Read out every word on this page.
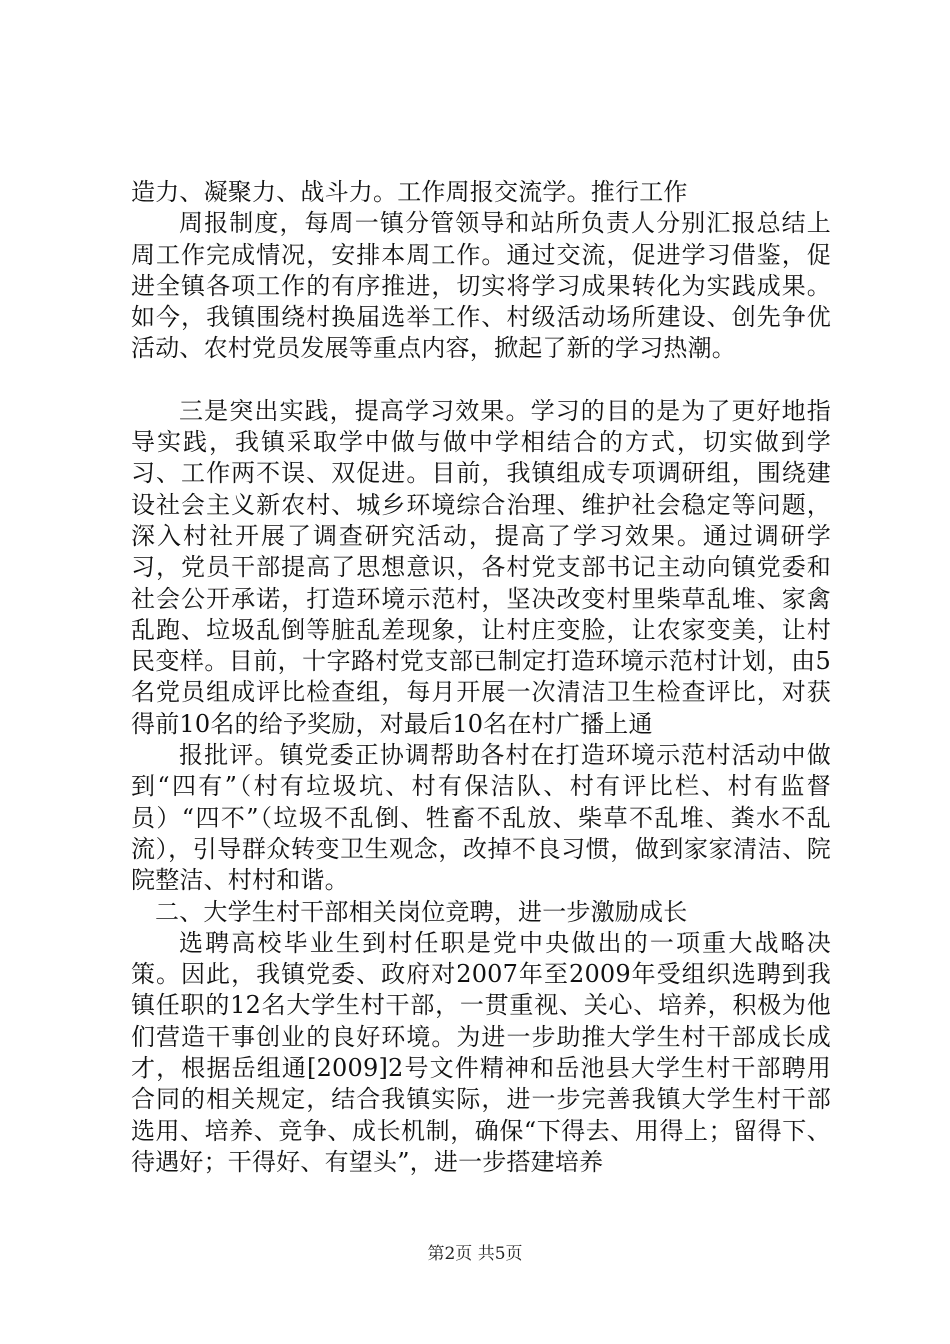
造力、凝聚力、战斗力。工作周报交流学。推行工作

周报制度，每周一镇分管领导和站所负责人分别汇报总结上周工作完成情况，安排本周工作。通过交流，促进学习借鉴，促进全镇各项工作的有序推进，切实将学习成果转化为实践成果。如今，我镇围绕村换届选举工作、村级活动场所建设、创先争优活动、农村党员发展等重点内容，掀起了新的学习热潮。

三是突出实践，提高学习效果。学习的目的是为了更好地指导实践，我镇采取学中做与做中学相结合的方式，切实做到学习、工作两不误、双促进。目前，我镇组成专项调研组，围绕建设社会主义新农村、城乡环境综合治理、维护社会稳定等问题，深入村社开展了调查研究活动，提高了学习效果。通过调研学习，党员干部提高了思想意识，各村党支部书记主动向镇党委和社会公开承诺，打造环境示范村，坚决改变村里柴草乱堆、家禽乱跑、垃圾乱倒等脏乱差现象，让村庄变脸，让农家变美，让村民变样。目前，十字路村党支部已制定打造环境示范村计划，由5名党员组成评比检查组，每月开展一次清洁卫生检查评比，对获得前10名的给予奖励，对最后10名在村广播上通

报批评。镇党委正协调帮助各村在打造环境示范村活动中做到“四有”（村有垃圾坑、村有保洁队、村有评比栏、村有监督员）“四不”（垃圾不乱倒、牲畜不乱放、柴草不乱堆、粪水不乱流），引导群众转变卫生观念，改掉不良习惯，做到家家清洁、院院整洁、村村和谐。

二、大学生村干部相关岗位竞聘，进一步激励成长

选聘高校毕业生到村任职是党中央做出的一项重大战略决策。因此，我镇党委、政府对2007年至2009年受组织选聘到我镇任职的12名大学生村干部，一贯重视、关心、培养，积极为他们营造干事创业的良好环境。为进一步助推大学生村干部成长成才，根据岳组通[2009]2号文件精神和岳池县大学生村干部聘用合同的相关规定，结合我镇实际，进一步完善我镇大学生村干部选用、培养、竞争、成长机制，确保“下得去、用得上；留得下、待遇好；干得好、有望头”，进一步搭建培养

第2页 共5页
